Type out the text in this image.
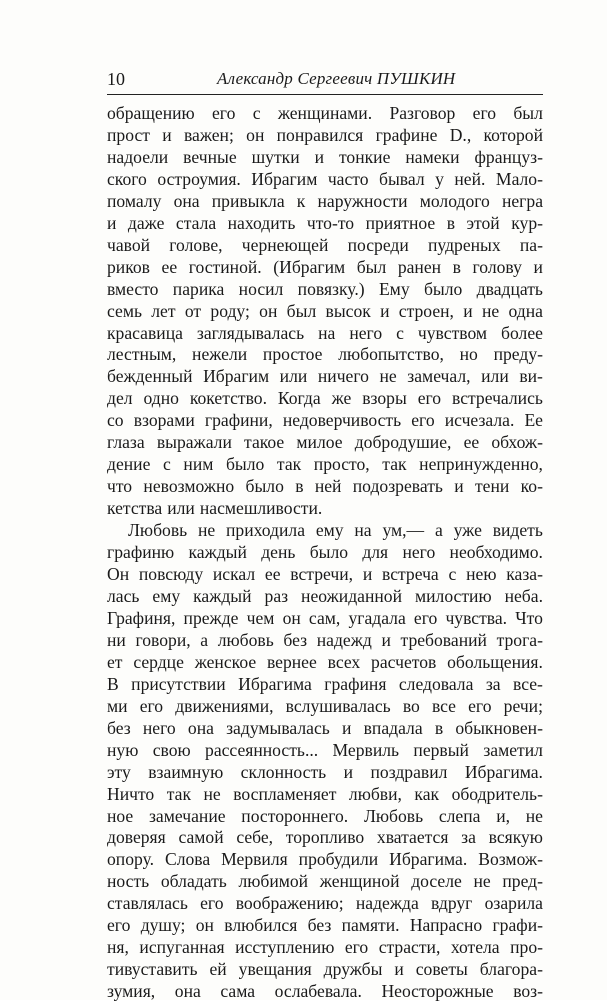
10	Александр Сергеевич ПУШКИН
обращению его с женщинами. Разговор его был
прост и важен; он понравился графине D., которой
надоели вечные шутки и тонкие намеки француз-
ского остроумия. Ибрагим часто бывал у ней. Мало-
помалу она привыкла к наружности молодого негра
и даже стала находить что-то приятное в этой кур-
чавой голове, чернеющей посреди пудреных па-
риков ее гостиной. (Ибрагим был ранен в голову и
вместо парика носил повязку.) Ему было двадцать
семь лет от роду; он был высок и строен, и не одна
красавица заглядывалась на него с чувством более
лестным, нежели простое любопытство, но преду-
бежденный Ибрагим или ничего не замечал, или ви-
дел одно кокетство. Когда же взоры его встречались
со взорами графини, недоверчивость его исчезала. Ее
глаза выражали такое милое добродушие, ее обхож-
дение с ним было так просто, так непринужденно,
что невозможно было в ней подозревать и тени ко-
кетства или насмешливости.
Любовь не приходила ему на ум,— а уже видеть
графиню каждый день было для него необходимо.
Он повсюду искал ее встречи, и встреча с нею каза-
лась ему каждый раз неожиданной милостию неба.
Графиня, прежде чем он сам, угадала его чувства. Что
ни говори, а любовь без надежд и требований трога-
ет сердце женское вернее всех расчетов обольщения.
В присутствии Ибрагима графиня следовала за все-
ми его движениями, вслушивалась во все его речи;
без него она задумывалась и впадала в обыкновен-
ную свою рассеянность... Мервиль первый заметил
эту взаимную склонность и поздравил Ибрагима.
Ничто так не воспламеняет любви, как ободритель-
ное замечание постороннего. Любовь слепа и, не
доверяя самой себе, торопливо хватается за всякую
опору. Слова Мервиля пробудили Ибрагима. Возмож-
ность обладать любимой женщиной доселе не пред-
ставлялась его воображению; надежда вдруг озарила
его душу; он влюбился без памяти. Напрасно графи-
ня, испуганная исступлению его страсти, хотела про-
тивуставить ей увещания дружбы и советы благора-
зумия, она сама ослабевала. Неосторожные воз-
